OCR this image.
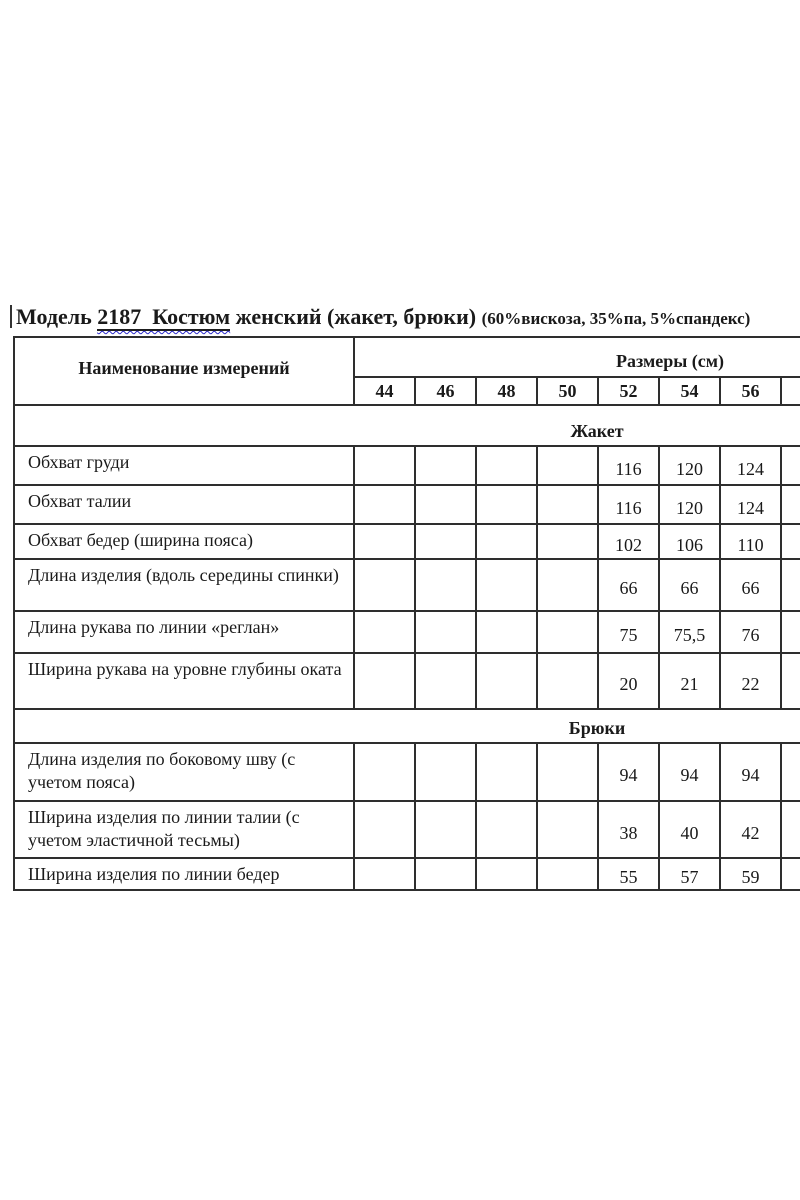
Модель 2187  Костюм женский (жакет, брюки) (60%вискоза, 35%па, 5%спандекс)
Наименование измерений	Размеры (см)									

	44	46	48	50	52	54	56			

Жакет										

Обхват груди					116	120	124			
Обхват талии					116	120	124			
Обхват бедер (ширина пояса)					102	106	110			
Длина изделия (вдоль середины спинки)					66	66	66			
Длина рукава по линии «реглан»					75	75,5	76			
Ширина рукава на уровне глубины оката					20	21	22			

Брюки										

Длина изделия по боковому шву (с учетом пояса)					94	94	94			
Ширина изделия по линии талии (с учетом эластичной тесьмы)					38	40	42			
Ширина изделия по линии бедер					55	57	59			
